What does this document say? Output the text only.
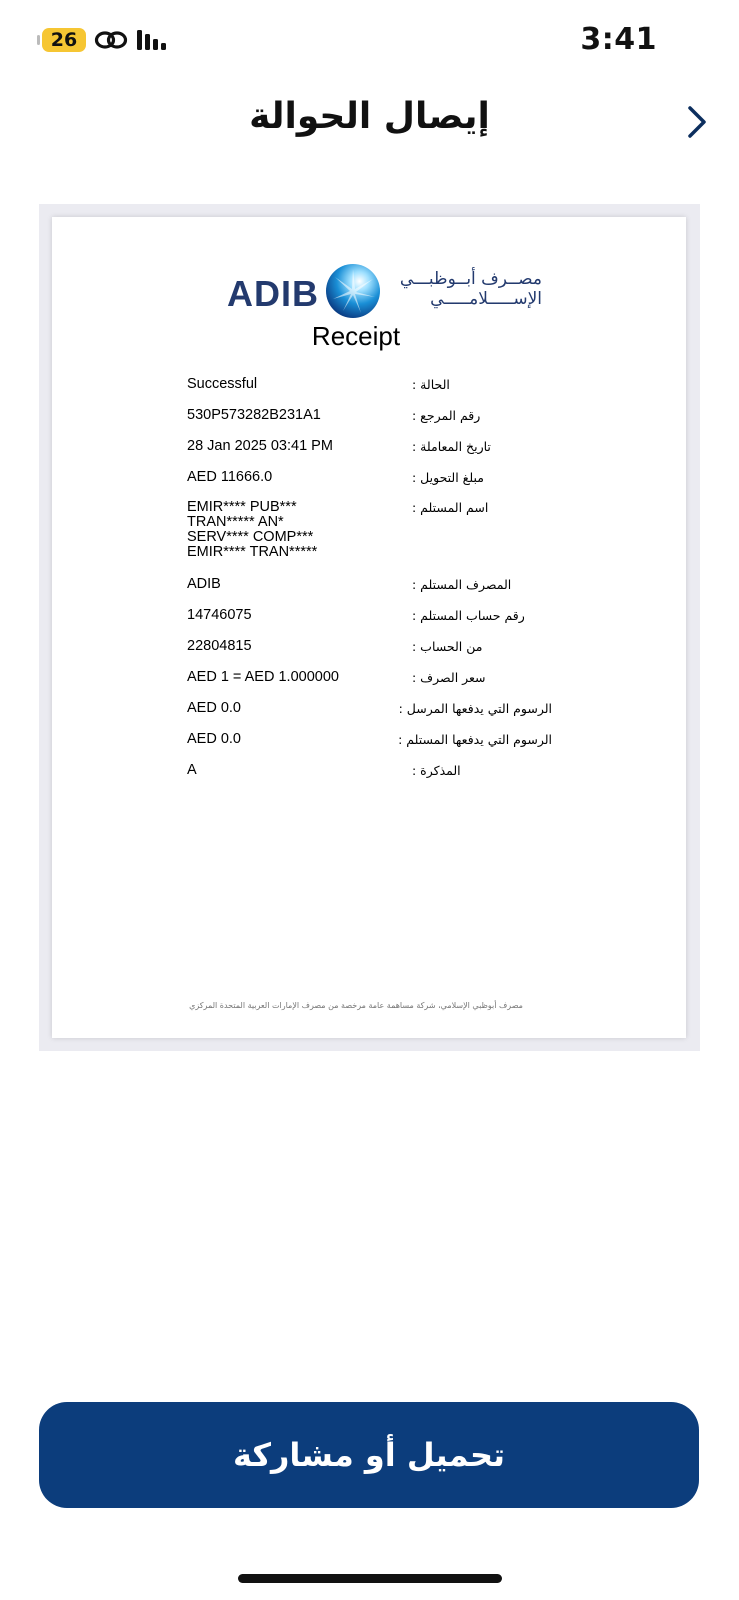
26	3:41
إيصال الحوالة
ADIB	مصــرف أبــوظبـــي
الإســـــلامـــــي
Receipt
Successful	الحالة :
530P573282B231A1	رقم المرجع :
28 Jan 2025 03:41 PM	تاريخ المعاملة :
AED 11666.0	مبلغ التحويل :
EMIR**** PUB***
TRAN***** AN*
SERV**** COMP***
EMIR**** TRAN*****
اسم المستلم :
ADIB	المصرف المستلم :
14746075	رقم حساب المستلم :
22804815	من الحساب :
AED 1 = AED 1.000000	سعر الصرف :
AED 0.0	الرسوم التي يدفعها المرسل :
AED 0.0	الرسوم التي يدفعها المستلم :
A	المذكرة :
مصرف أبوظبي الإسلامي، شركة مساهمة عامة مرخصة من مصرف الإمارات العربية المتحدة المركزي
تحميل أو مشاركة
